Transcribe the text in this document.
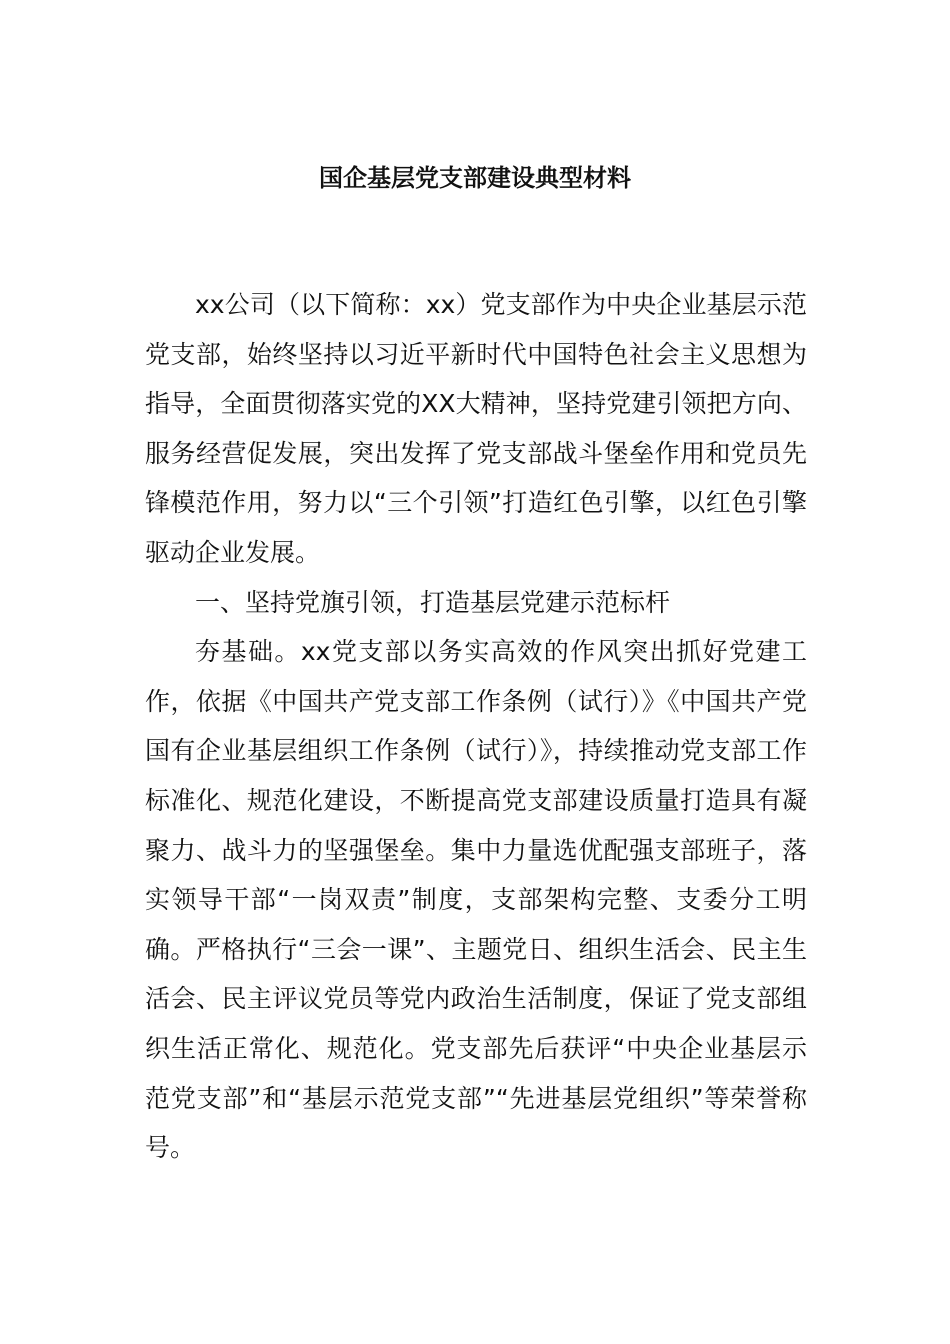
国企基层党支部建设典型材料

xx公司（以下简称：xx）党支部作为中央企业基层示范党支部，始终坚持以习近平新时代中国特色社会主义思想为指导，全面贯彻落实党的XX大精神，坚持党建引领把方向、服务经营促发展，突出发挥了党支部战斗堡垒作用和党员先锋模范作用，努力以“三个引领”打造红色引擎，以红色引擎驱动企业发展。

一、坚持党旗引领，打造基层党建示范标杆

夯基础。xx党支部以务实高效的作风突出抓好党建工作，依据《中国共产党支部工作条例（试行）》《中国共产党国有企业基层组织工作条例（试行）》，持续推动党支部工作标准化、规范化建设，不断提高党支部建设质量打造具有凝聚力、战斗力的坚强堡垒。集中力量选优配强支部班子，落实领导干部“一岗双责”制度，支部架构完整、支委分工明确。严格执行“三会一课”、主题党日、组织生活会、民主生活会、民主评议党员等党内政治生活制度，保证了党支部组织生活正常化、规范化。党支部先后获评“中央企业基层示范党支部”和“基层示范党支部”“先进基层党组织”等荣誉称号。
